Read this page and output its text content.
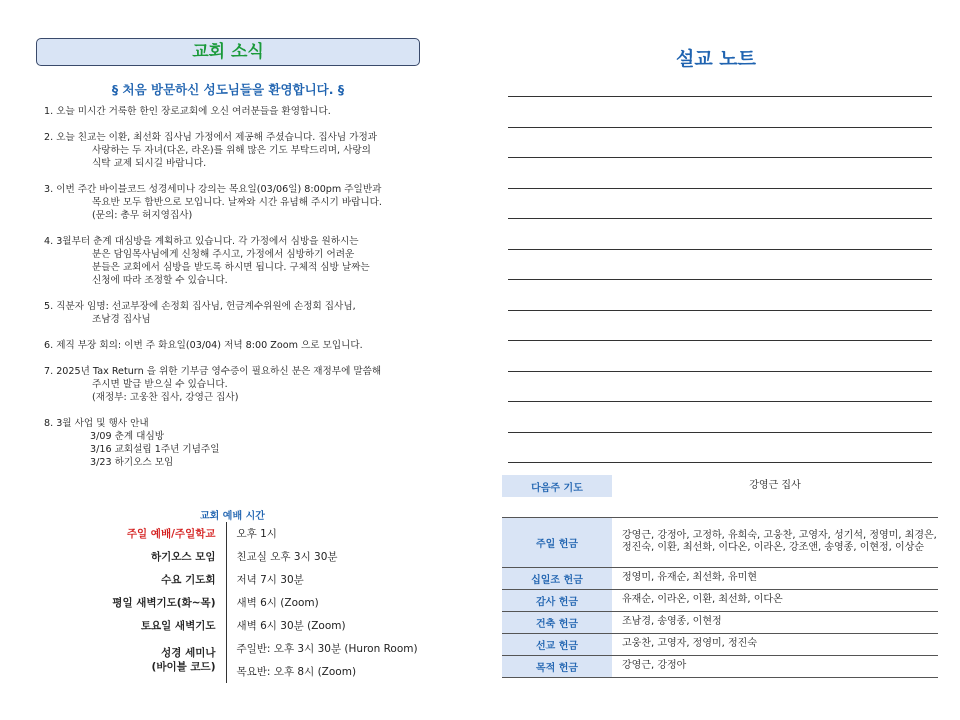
교회 소식
§ 처음 방문하신 성도님들을 환영합니다. §
1. 오늘 미시간 거룩한 한인 장로교회에 오신 여러분들을 환영합니다.
2. 오늘 친교는 이환, 최선화 집사님 가정에서 제공해 주셨습니다. 집사님 가정과
사랑하는 두 자녀(다온, 라온)를 위해 많은 기도 부탁드리며, 사랑의
식탁 교제 되시길 바랍니다.
3. 이번 주간 바이블코드 성경세미나 강의는 목요일(03/06일) 8:00pm 주일반과
목요반 모두 합반으로 모입니다. 날짜와 시간 유념해 주시기 바랍니다.
(문의: 총무 허지영집사)
4. 3월부터 춘계 대심방을 계획하고 있습니다. 각 가정에서 심방을 원하시는
분은 담임목사님에게 신청해 주시고, 가정에서 심방하기 어려운
분들은 교회에서 심방을 받도록 하시면 됩니다. 구체적 심방 날짜는
신청에 따라 조정할 수 있습니다.
5. 직분자 임명: 선교부장에 손정회 집사님, 헌금계수위원에 손정회 집사님,
조남경 집사님
6. 제직 부장 회의: 이번 주 화요일(03/04) 저녁 8:00 Zoom 으로 모입니다.
7. 2025년 Tax Return 을 위한 기부금 영수증이 필요하신 분은 재정부에 말씀해
주시면 발급 받으실 수 있습니다.
(재정부: 고웅찬 집사, 강영근 집사)
8. 3월 사업 및 행사 안내
3/09 춘계 대심방
3/16 교회설립 1주년 기념주일
3/23 하기오스 모임
교회 예배 시간
주일 예배/주일학교	오후 1시
하기오스 모임	친교실 오후 3시 30분
수요 기도회	저녁 7시 30분
평일 새벽기도(화~목)	새벽 6시 (Zoom)
토요일 새벽기도	새벽 6시 30분 (Zoom)
성경 세미나
(바이블 코드)	주일반: 오후 3시 30분 (Huron Room)
	목요반: 오후 8시 (Zoom)
설교 노트
다음주 기도	강영근 집사

주일 헌금	강영근, 강정아, 고정하, 유희숙, 고웅찬, 고영자, 성기석, 정영미, 최경은, 정진숙, 이환, 최선화, 이다온, 이라온, 강조앤, 송영종, 이현정, 이상순
십일조 헌금	정영미, 유재순, 최선화, 유미현
감사 헌금	유재순, 이라온, 이환, 최선화, 이다온
건축 헌금	조남경, 송영종, 이현정
선교 헌금	고웅찬, 고영자, 정영미, 정진숙
목적 헌금	강영근, 강정아
